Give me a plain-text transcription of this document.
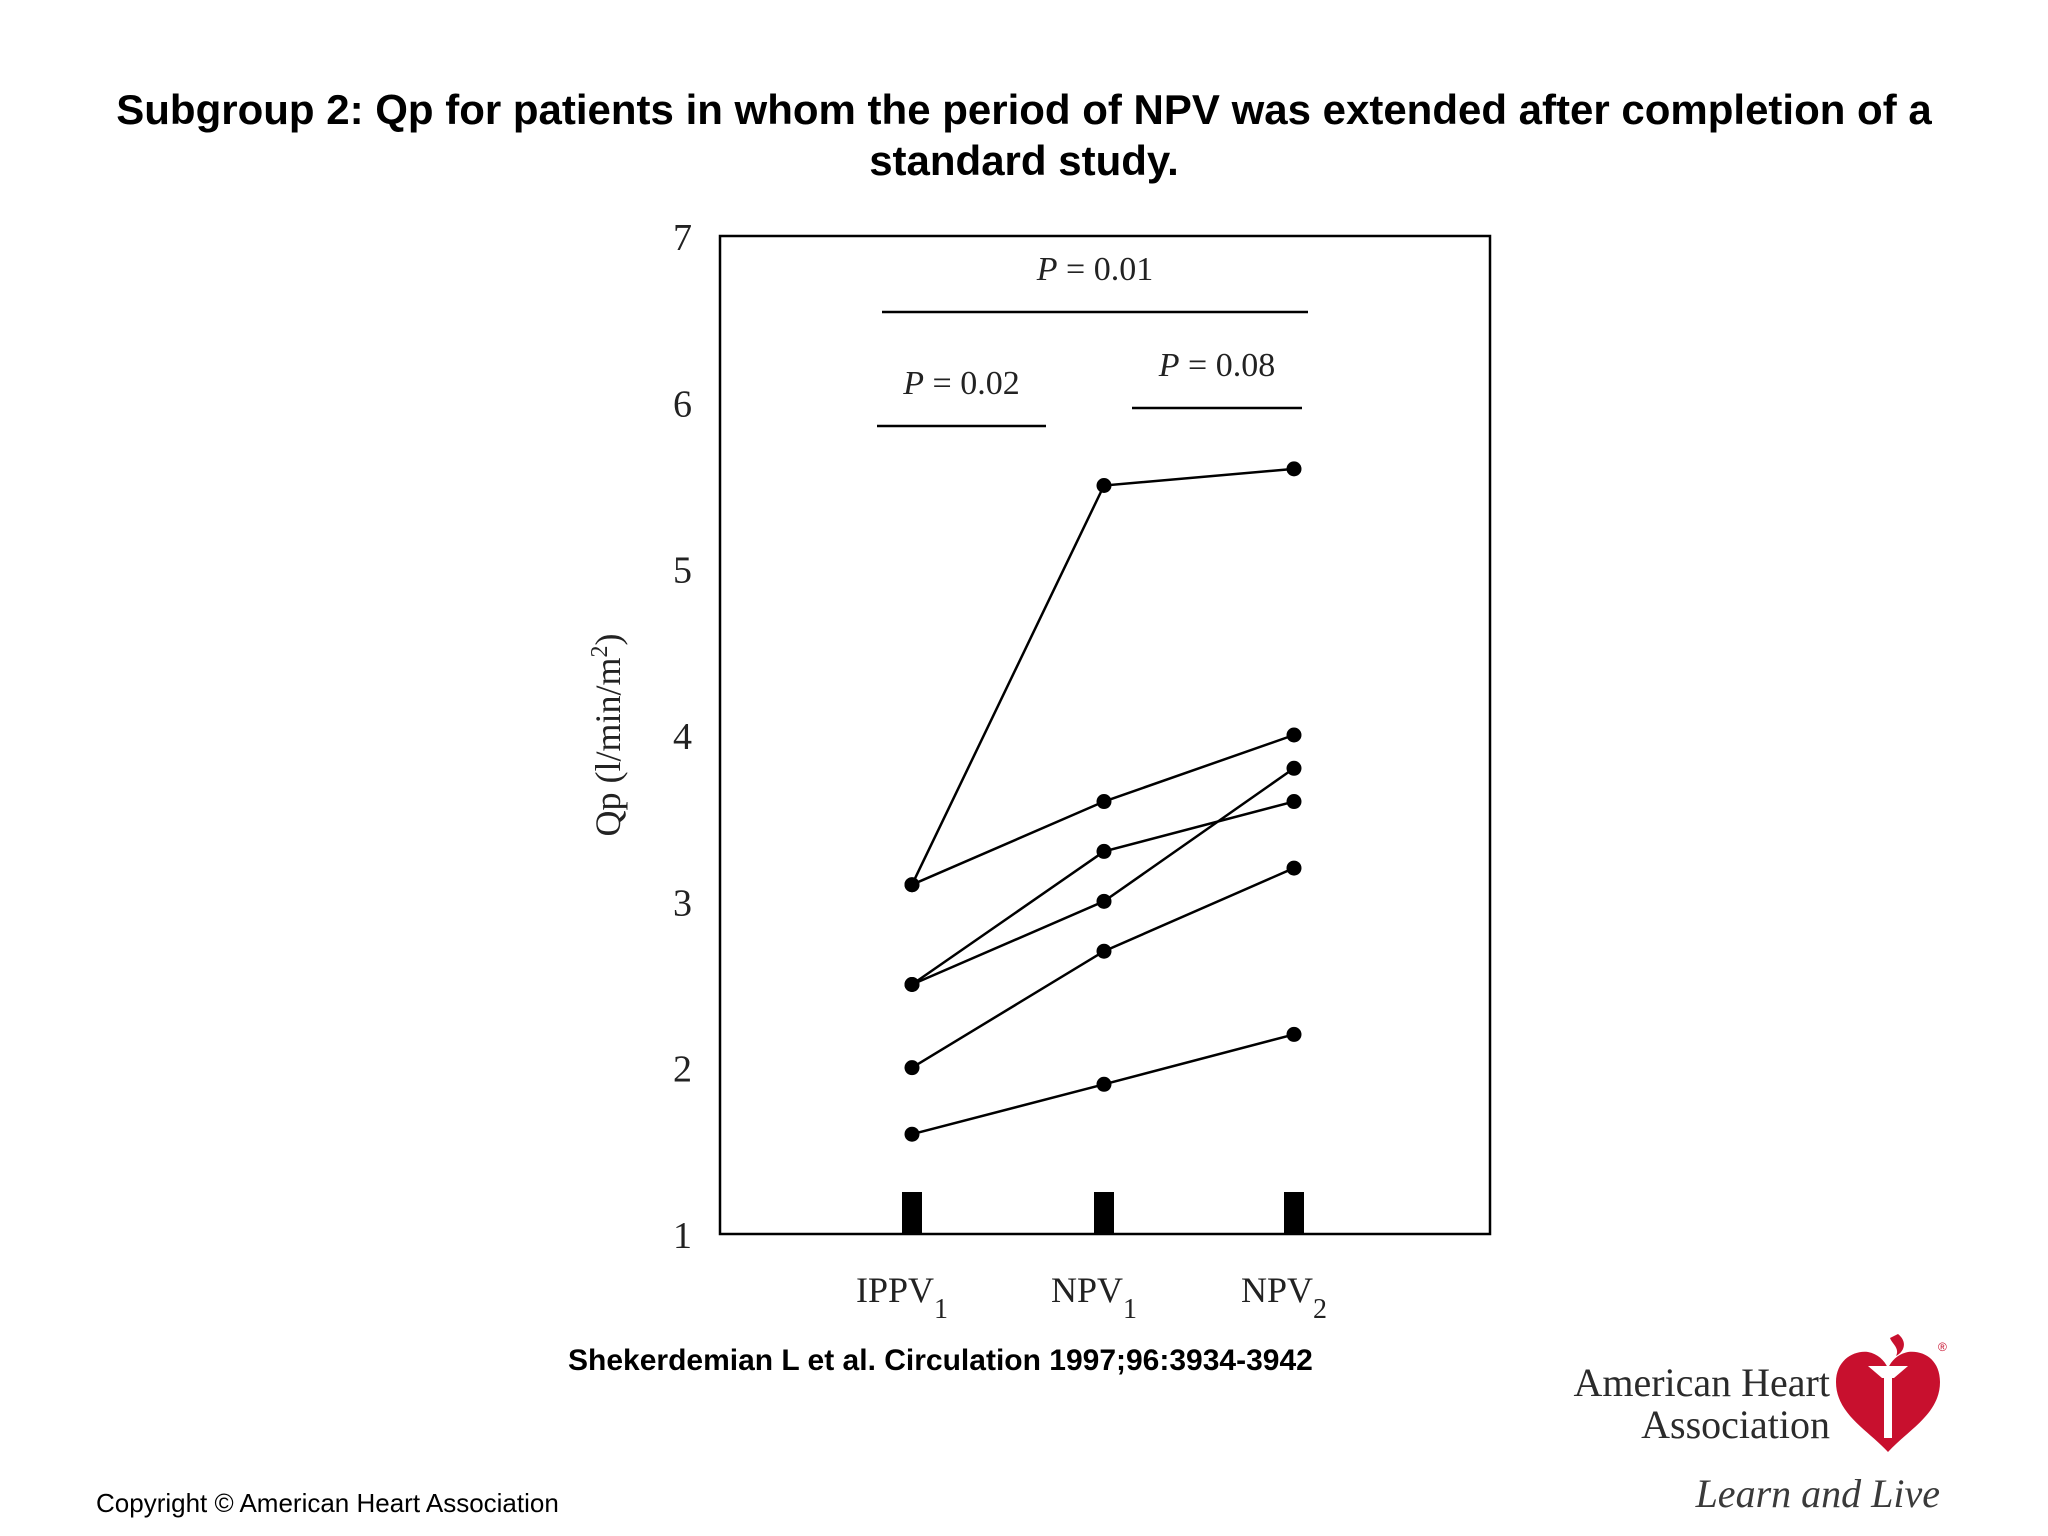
Subgroup 2: Qp for patients in whom the period of NPV was extended after completion of a
standard study.
1
2
3
4
5
6
7
Qp $(l/\min/m^2)$
$IPPV_1$	$NPV_1$	$NPV_2$
P = 0.01
P = 0.02	P = 0.08
Shekerdemian L et al. Circulation 1997;96:3934-3942
Copyright © American Heart Association
American Heart
Association
®
Learn and Live
